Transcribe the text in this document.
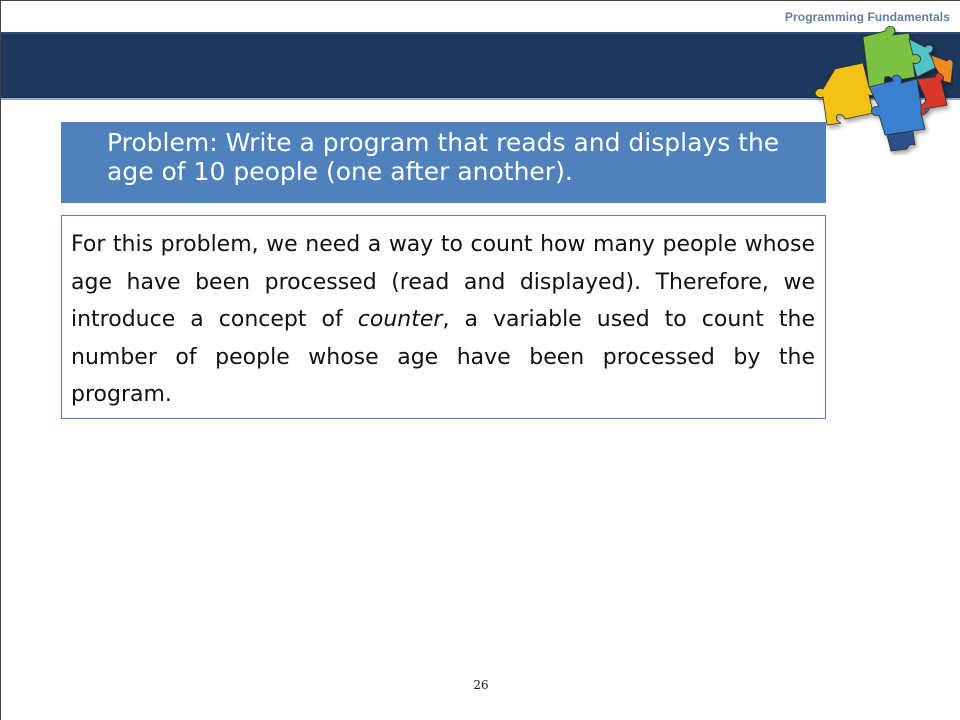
Programming Fundamentals

Problem: Write a program that reads and displays the age of 10 people (one after another).

For this problem, we need a way to count how many people whose age have been processed (read and displayed). Therefore, we introduce a concept of counter, a variable used to count the number of people whose age have been processed by the program.

26
